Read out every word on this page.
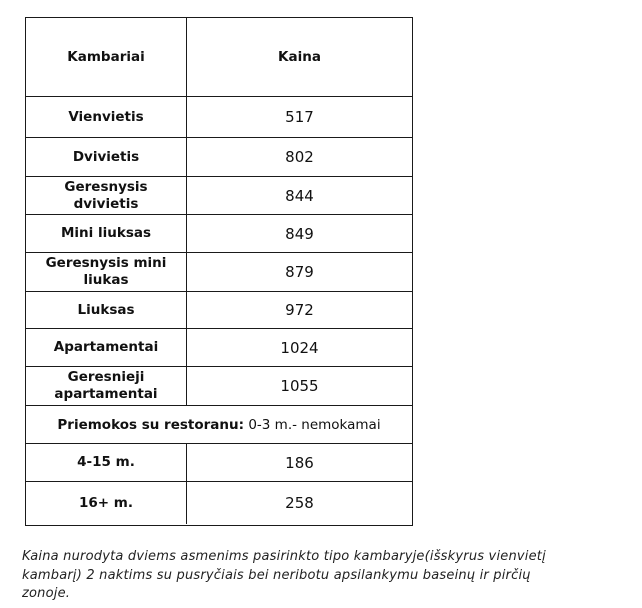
Kambariai	Kaina
Vienvietis	517
Dvivietis	802
Geresnysis dvivietis	844
Mini liuksas	849
Geresnysis mini liukas	879
Liuksas	972
Apartamentai	1024
Geresnieji apartamentai	1055
Priemokos su restoranu: 0-3 m.- nemokamai
4-15 m.	186
16+ m.	258
Kaina nurodyta dviems asmenims pasirinkto tipo kambaryje(išskyrus vienvietį kambarį) 2 naktims su pusryčiais bei neribotu apsilankymu baseinų ir pirčių zonoje.
